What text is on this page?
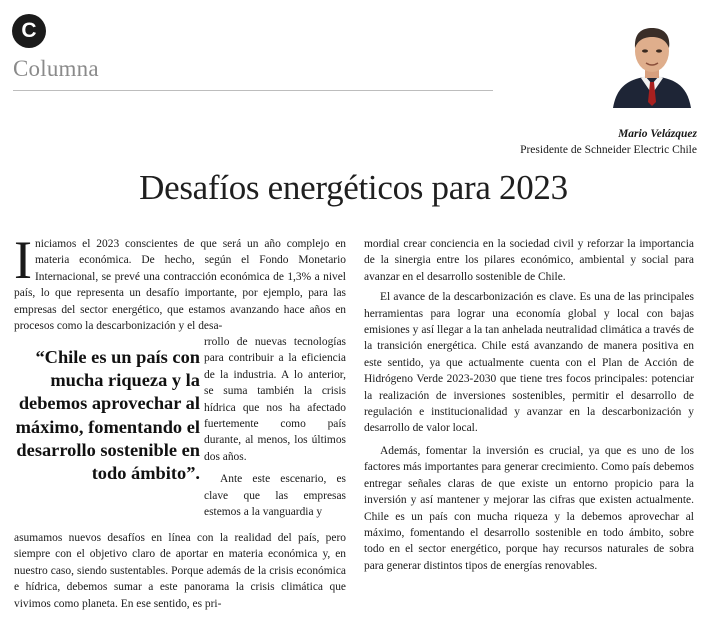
C
Columna
Mario Velázquez
Presidente de Schneider Electric Chile
Desafíos energéticos para 2023

Iniciamos el 2023 conscientes de que será un año complejo en materia económica. De hecho, según el Fondo Monetario Internacional, se prevé una contracción económica de 1,3% a nivel país, lo que representa un desafío importante, por ejemplo, para las empresas del sector energético, que estamos avanzando hace años en procesos como la descarbonización y el desa-

“Chile es un país con mucha riqueza y la debemos aprovechar al máximo, fomentando el desarrollo sostenible en todo ámbito”.

rrollo de nuevas tecnologías para contribuir a la eficiencia de la industria. A lo anterior, se suma también la crisis hídrica que nos ha afectado fuertemente como país durante, al menos, los últimos dos años.

Ante este escenario, es clave que las empresas estemos a la vanguardia y

asumamos nuevos desafíos en línea con la realidad del país, pero siempre con el objetivo claro de aportar en materia económica y, en nuestro caso, siendo sustentables. Porque además de la crisis económica e hídrica, debemos sumar a este panorama la crisis climática que vivimos como planeta. En ese sentido, es pri-

mordial crear conciencia en la sociedad civil y reforzar la importancia de la sinergia entre los pilares económico, ambiental y social para avanzar en el desarrollo sostenible de Chile.

El avance de la descarbonización es clave. Es una de las principales herramientas para lograr una economía global y local con bajas emisiones y así llegar a la tan anhelada neutralidad climática a través de la transición energética. Chile está avanzando de manera positiva en este sentido, ya que actualmente cuenta con el Plan de Acción de Hidrógeno Verde 2023-2030 que tiene tres focos principales: potenciar la realización de inversiones sostenibles, permitir el desarrollo de regulación e institucionalidad y avanzar en la descarbonización y desarrollo de valor local.

Además, fomentar la inversión es crucial, ya que es uno de los factores más importantes para generar crecimiento. Como país debemos entregar señales claras de que existe un entorno propicio para la inversión y así mantener y mejorar las cifras que existen actualmente. Chile es un país con mucha riqueza y la debemos aprovechar al máximo, fomentando el desarrollo sostenible en todo ámbito, sobre todo en el sector energético, porque hay recursos naturales de sobra para generar distintos tipos de energías renovables.
